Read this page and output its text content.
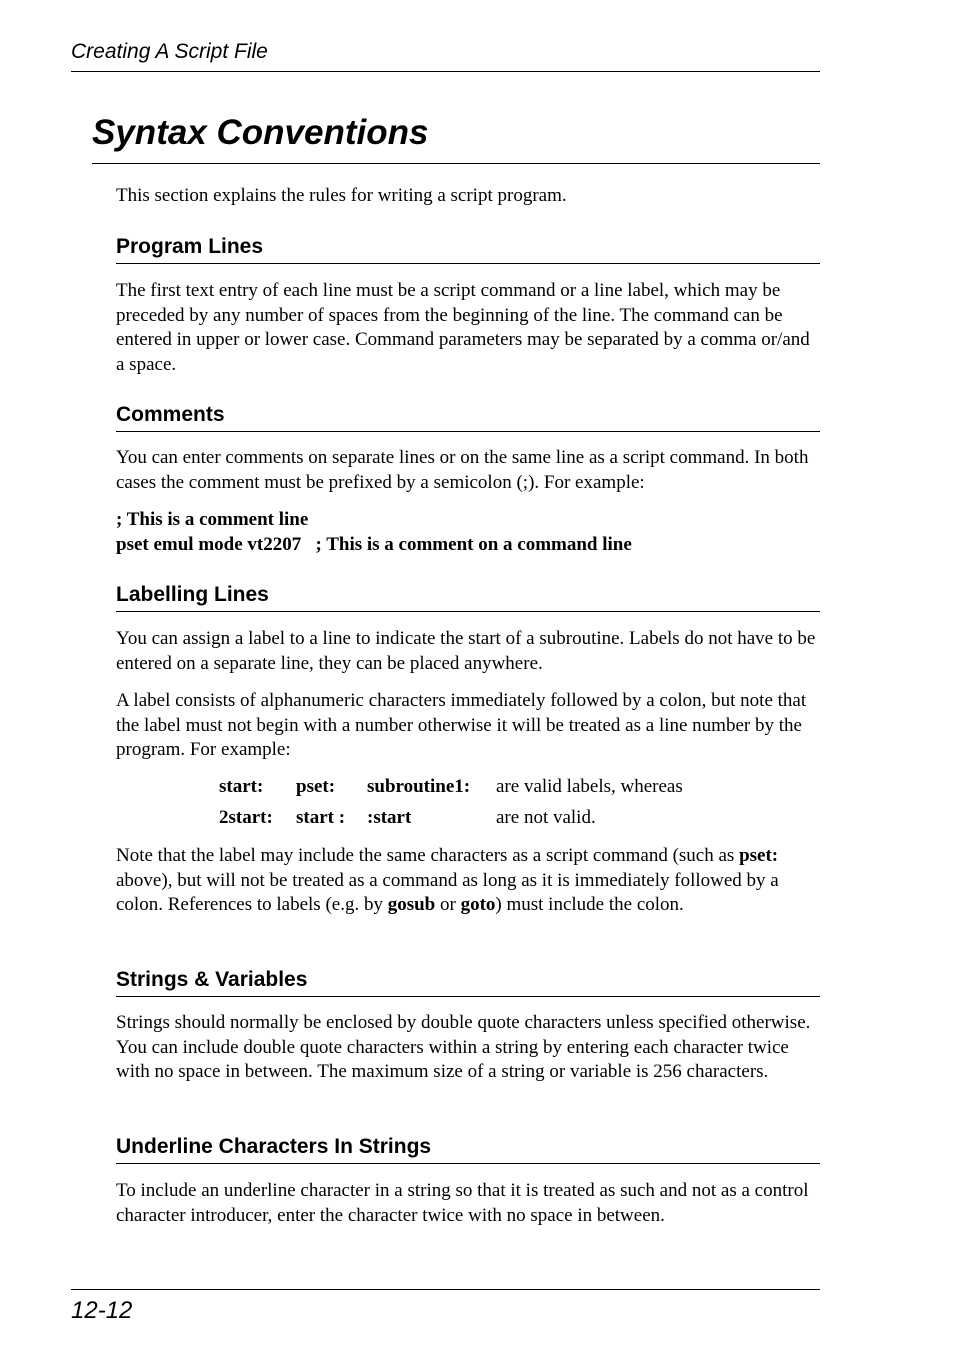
Creating A Script File
Syntax Conventions

This section explains the rules for writing a script program.

Program Lines

The first text entry of each line must be a script command or a line label, which may be preceded by any number of spaces from the beginning of the line. The command can be entered in upper or lower case. Command parameters may be separated by a comma or/and a space.

Comments

You can enter comments on separate lines or on the same line as a script command. In both cases the comment must be prefixed by a semicolon (;). For example:

; This is a comment line
pset emul mode vt2207   ; This is a comment on a command line
Labelling Lines

You can assign a label to a line to indicate the start of a subroutine. Labels do not have to be entered on a separate line, they can be placed anywhere.

A label consists of alphanumeric characters immediately followed by a colon, but note that the label must not begin with a number otherwise it will be treated as a line number by the program. For example:

start:	pset:	subroutine1:	are valid labels, whereas
2start:	start :	:start	are not valid.

Note that the label may include the same characters as a script command (such as pset: above), but will not be treated as a command as long as it is immediately followed by a colon. References to labels (e.g. by gosub or goto) must include the colon.

Strings & Variables

Strings should normally be enclosed by double quote characters unless specified otherwise. You can include double quote characters within a string by entering each character twice with no space in between. The maximum size of a string or variable is 256 characters.

Underline Characters In Strings

To include an underline character in a string so that it is treated as such and not as a control character introducer, enter the character twice with no space in between.

12-12
